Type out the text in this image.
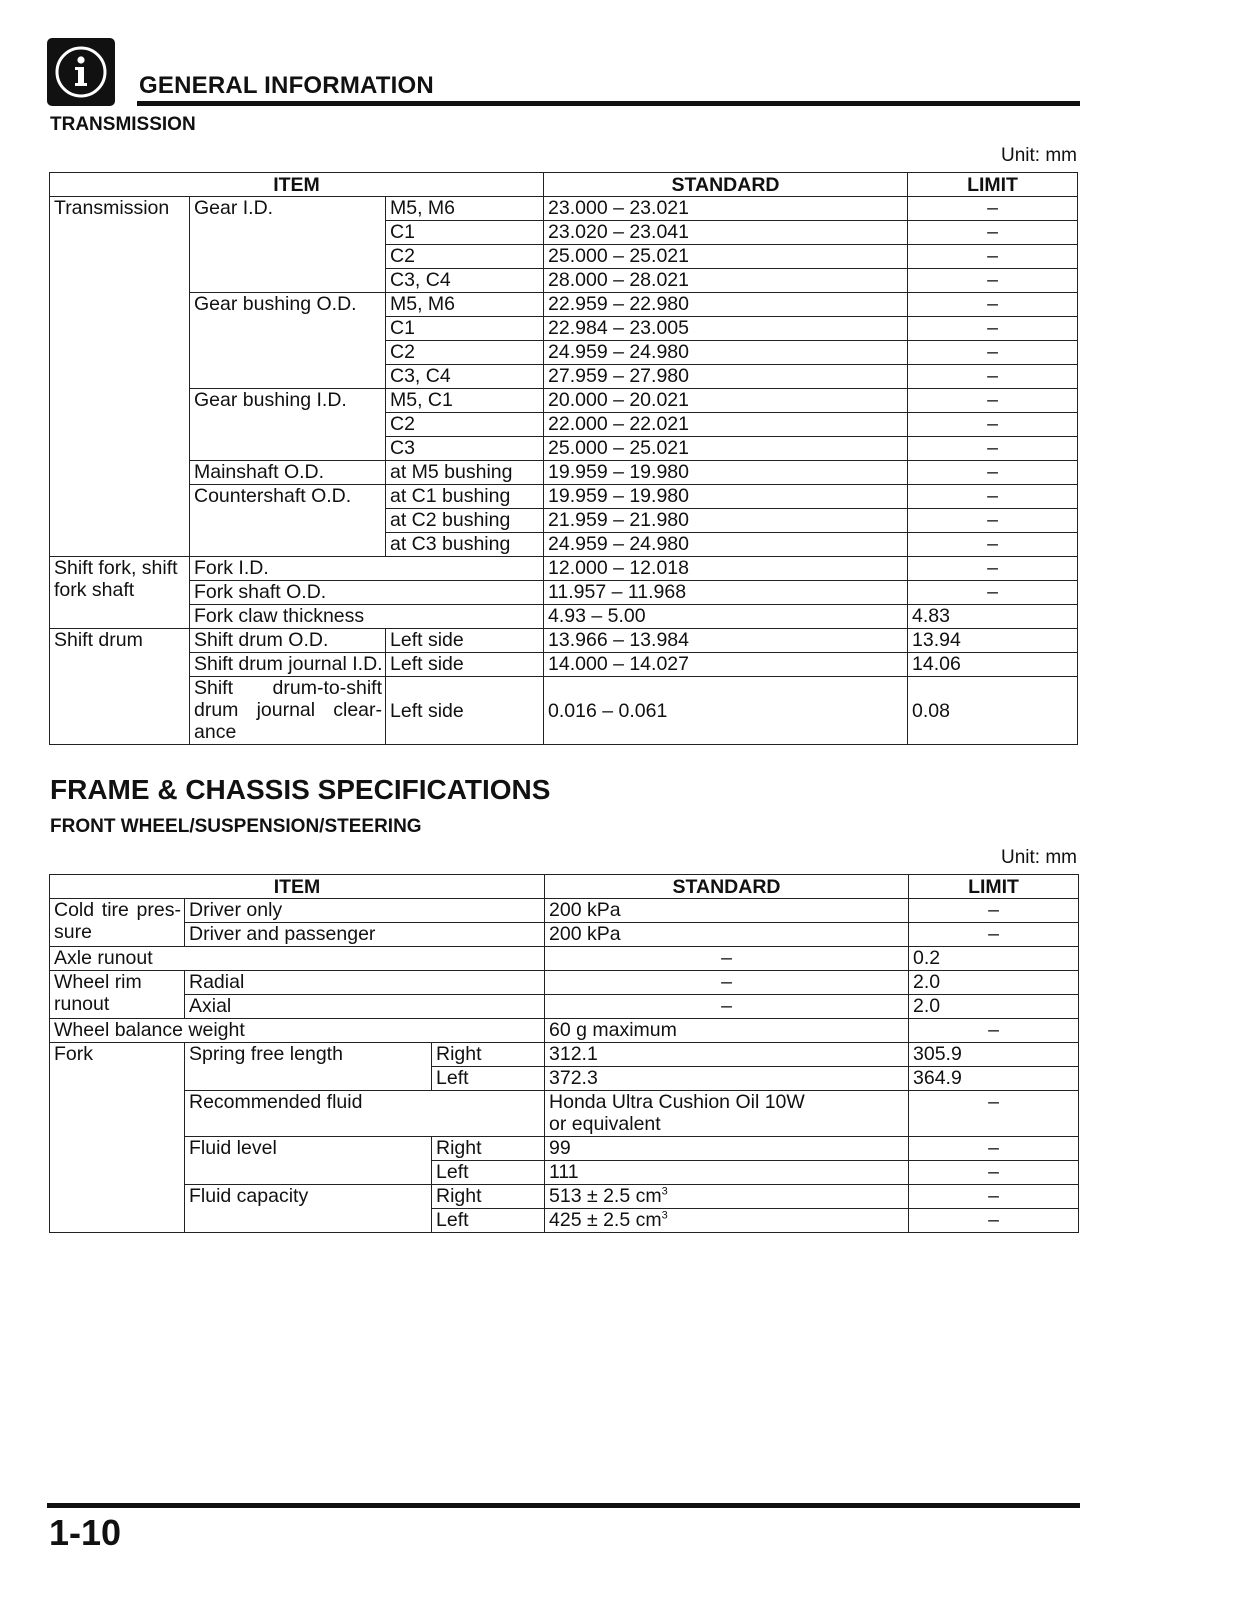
GENERAL INFORMATION
TRANSMISSION
Unit: mm
ITEM			STANDARD	LIMIT
Transmission	Gear I.D.	M5, M6	23.000 – 23.021	–
		C1	23.020 – 23.041	–
		C2	25.000 – 25.021	–
		C3, C4	28.000 – 28.021	–
	Gear bushing O.D.	M5, M6	22.959 – 22.980	–
		C1	22.984 – 23.005	–
		C2	24.959 – 24.980	–
		C3, C4	27.959 – 27.980	–
	Gear bushing I.D.	M5, C1	20.000 – 20.021	–
		C2	22.000 – 22.021	–
		C3	25.000 – 25.021	–
	Mainshaft O.D.	at M5 bushing	19.959 – 19.980	–
	Countershaft O.D.	at C1 bushing	19.959 – 19.980	–
		at C2 bushing	21.959 – 21.980	–
		at C3 bushing	24.959 – 24.980	–
Shift fork, shift fork shaft	Fork I.D.		12.000 – 12.018	–
	Fork shaft O.D.		11.957 – 11.968	–
	Fork claw thickness		4.93 – 5.00	4.83
Shift drum	Shift drum O.D.	Left side	13.966 – 13.984	13.94
	Shift drum journal I.D.	Left side	14.000 – 14.027	14.06
	Shift drum-to-shift drum journal clear-ance	Left side	0.016 – 0.061	0.08
FRAME & CHASSIS SPECIFICATIONS
FRONT WHEEL/SUSPENSION/STEERING
Unit: mm
ITEM			STANDARD	LIMIT
Cold tire pres-sure	Driver only		200 kPa	–
	Driver and passenger		200 kPa	–
Axle runout			–	0.2
Wheel rim runout	Radial		–	2.0
	Axial		–	2.0
Wheel balance weight			60 g maximum	–
Fork	Spring free length	Right	312.1	305.9
		Left	372.3	364.9
	Recommended fluid		Honda Ultra Cushion Oil 10W
or equivalent	–
	Fluid level	Right	99	–
		Left	111	–
	Fluid capacity	Right	513 ± 2.5 $cm^3$	–
		Left	425 ± 2.5 $cm^3$	–
1-10
